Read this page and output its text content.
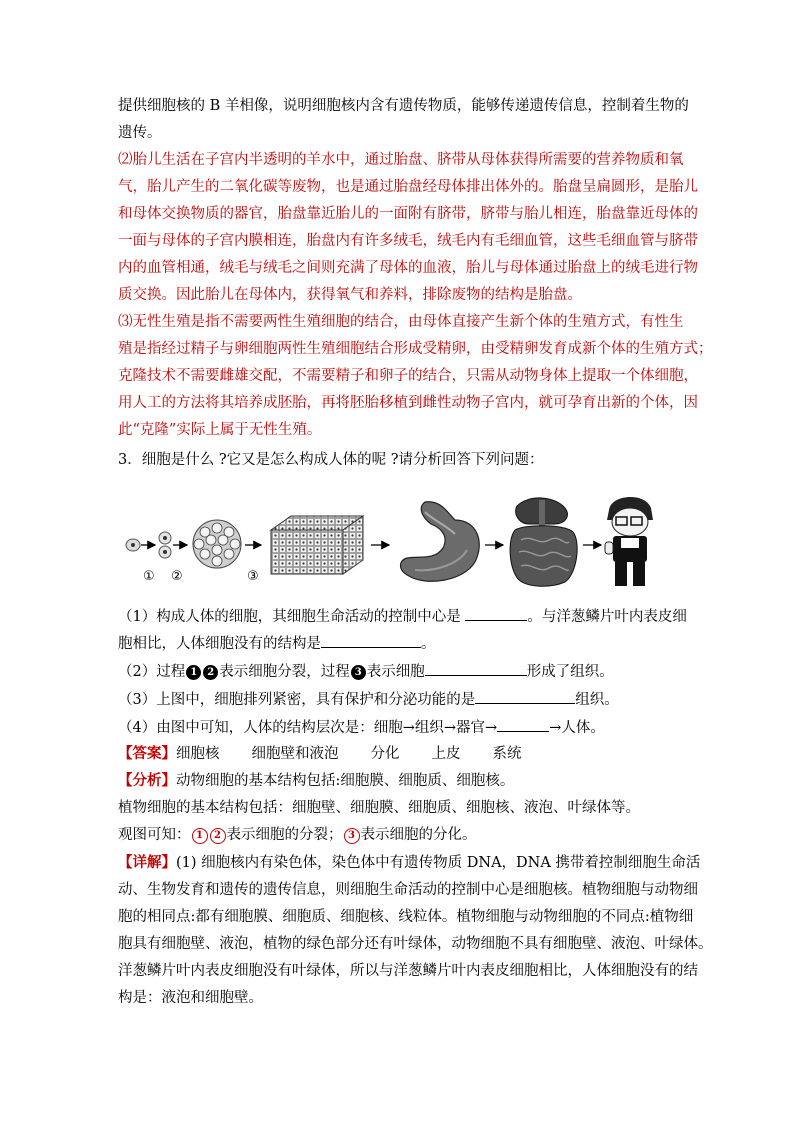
提供细胞核的 B 羊相像，说明细胞核内含有遗传物质，能够传递遗传信息，控制着生物的
遗传。
⑵胎儿生活在子宫内半透明的羊水中，通过胎盘、脐带从母体获得所需要的营养物质和氧
气，胎儿产生的二氧化碳等废物，也是通过胎盘经母体排出体外的。胎盘呈扁圆形，是胎儿
和母体交换物质的器官，胎盘靠近胎儿的一面附有脐带，脐带与胎儿相连，胎盘靠近母体的
一面与母体的子宫内膜相连，胎盘内有许多绒毛，绒毛内有毛细血管，这些毛细血管与脐带
内的血管相通，绒毛与绒毛之间则充满了母体的血液，胎儿与母体通过胎盘上的绒毛进行物
质交换。因此胎儿在母体内，获得氧气和养料，排除废物的结构是胎盘。
⑶无性生殖是指不需要两性生殖细胞的结合，由母体直接产生新个体的生殖方式，有性生
殖是指经过精子与卵细胞两性生殖细胞结合形成受精卵，由受精卵发育成新个体的生殖方式；
克隆技术不需要雌雄交配，不需要精子和卵子的结合，只需从动物身体上提取一个体细胞，
用人工的方法将其培养成胚胎，再将胚胎移植到雌性动物子宫内，就可孕育出新的个体，因
此“克隆”实际上属于无性生殖。
3．细胞是什么 ?它又是怎么构成人体的呢 ?请分析回答下列问题：
① ②	③
（1）构成人体的细胞，其细胞生命活动的控制中心是	。与洋葱鳞片叶内表皮细
胞相比，人体细胞没有的结构是	。
（2）过程 1 2 表示细胞分裂，过程 3 表示细胞	形成了组织。
（3）上图中，细胞排列紧密，具有保护和分泌功能的是	组织。
（4）由图中可知，人体的结构层次是：细胞→组织→器官→	→人体。
【答案】细胞核 细胞壁和液泡 分化 上皮 系统
【分析】动物细胞的基本结构包括:细胞膜、细胞质、细胞核。
植物细胞的基本结构包括：细胞壁、细胞膜、细胞质、细胞核、液泡、叶绿体等。
观图可知： 1 2 表示细胞的分裂； 3 表示细胞的分化。
【详解】(1) 细胞核内有染色体，染色体中有遗传物质 DNA，DNA 携带着控制细胞生命活
动、生物发育和遗传的遗传信息，则细胞生命活动的控制中心是细胞核。植物细胞与动物细
胞的相同点:都有细胞膜、细胞质、细胞核、线粒体。植物细胞与动物细胞的不同点:植物细
胞具有细胞壁、液泡，植物的绿色部分还有叶绿体，动物细胞不具有细胞壁、液泡、叶绿体。
洋葱鳞片叶内表皮细胞没有叶绿体，所以与洋葱鳞片叶内表皮细胞相比，人体细胞没有的结
构是：液泡和细胞壁。
